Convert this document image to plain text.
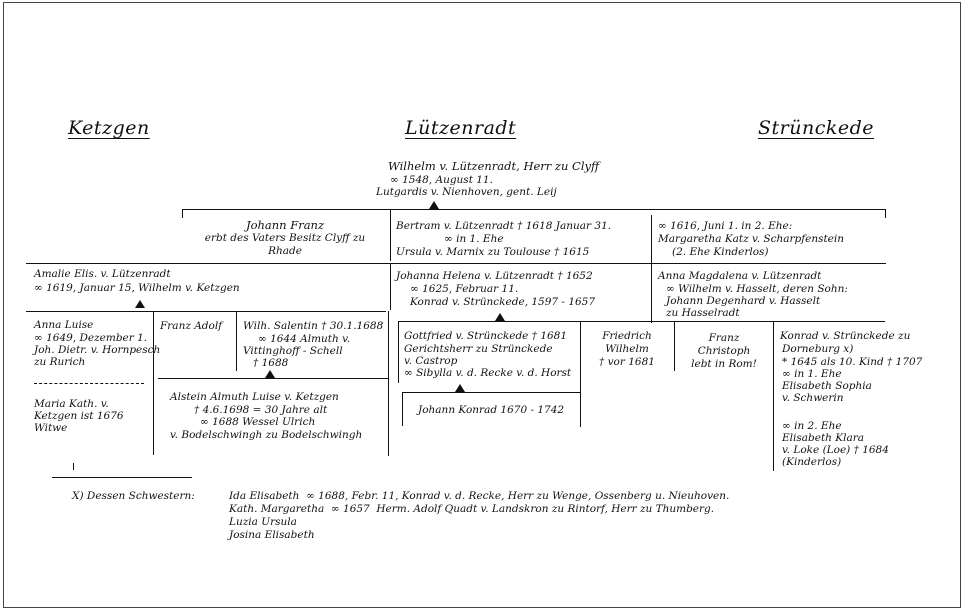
Ketzgen	Lützenradt	Strünckede
Wilhelm v. Lützenradt, Herr zu Clyff
∞ 1548, August 11.
Lutgardis v. Nienhoven, gent. Leij
Johann Franz
erbt des Vaters Besitz Clyff zu
Rhade
Bertram v. Lützenradt † 1618 Januar 31.
∞ in 1. Ehe
Ursula v. Marnix zu Toulouse † 1615
∞ 1616, Juni 1. in 2. Ehe:
Margaretha Katz v. Scharpfenstein
(2. Ehe Kinderlos)
Amalie Elis. v. Lützenradt
∞ 1619, Januar 15, Wilhelm v. Ketzgen
Johanna Helena v. Lützenradt † 1652
∞ 1625, Februar 11.
Konrad v. Strünckede, 1597 - 1657
Anna Magdalena v. Lützenradt
∞ Wilhelm v. Hasselt, deren Sohn:
Johann Degenhard v. Hasselt
zu Hasselradt
Anna Luise
∞ 1649, Dezember 1.
Joh. Dietr. v. Hornpesch
zu Rurich
Maria Kath. v.
Ketzgen ist 1676
Witwe
Franz Adolf Wilh. Salentin † 30.1.1688
∞ 1644 Almuth v.
Vittinghoff - Schell
† 1688
Alstein Almuth Luise v. Ketzgen
† 4.6.1698 = 30 Jahre alt
∞ 1688 Wessel Ulrich
v. Bodelschwingh zu Bodelschwingh
Gottfried v. Strünckede † 1681
Gerichtsherr zu Strünckede
v. Castrop
∞ Sibylla v. d. Recke v. d. Horst
Johann Konrad 1670 - 1742
Friedrich
Wilhelm
† vor 1681
Franz
Christoph
lebt in Rom!
Konrad v. Strünckede zu
Dorneburg x)
* 1645 als 10. Kind † 1707
∞ in 1. Ehe
Elisabeth Sophia
v. Schwerin
∞ in 2. Ehe
Elisabeth Klara
v. Loke (Loe) † 1684
(Kinderlos)
X) Dessen Schwestern:	Ida Elisabeth  ∞ 1688, Febr. 11, Konrad v. d. Recke, Herr zu Wenge, Ossenberg u. Nieuhoven.
Kath. Margaretha  ∞ 1657  Herm. Adolf Quadt v. Landskron zu Rintorf, Herr zu Thumberg.
Luzia Ursula
Josina Elisabeth
